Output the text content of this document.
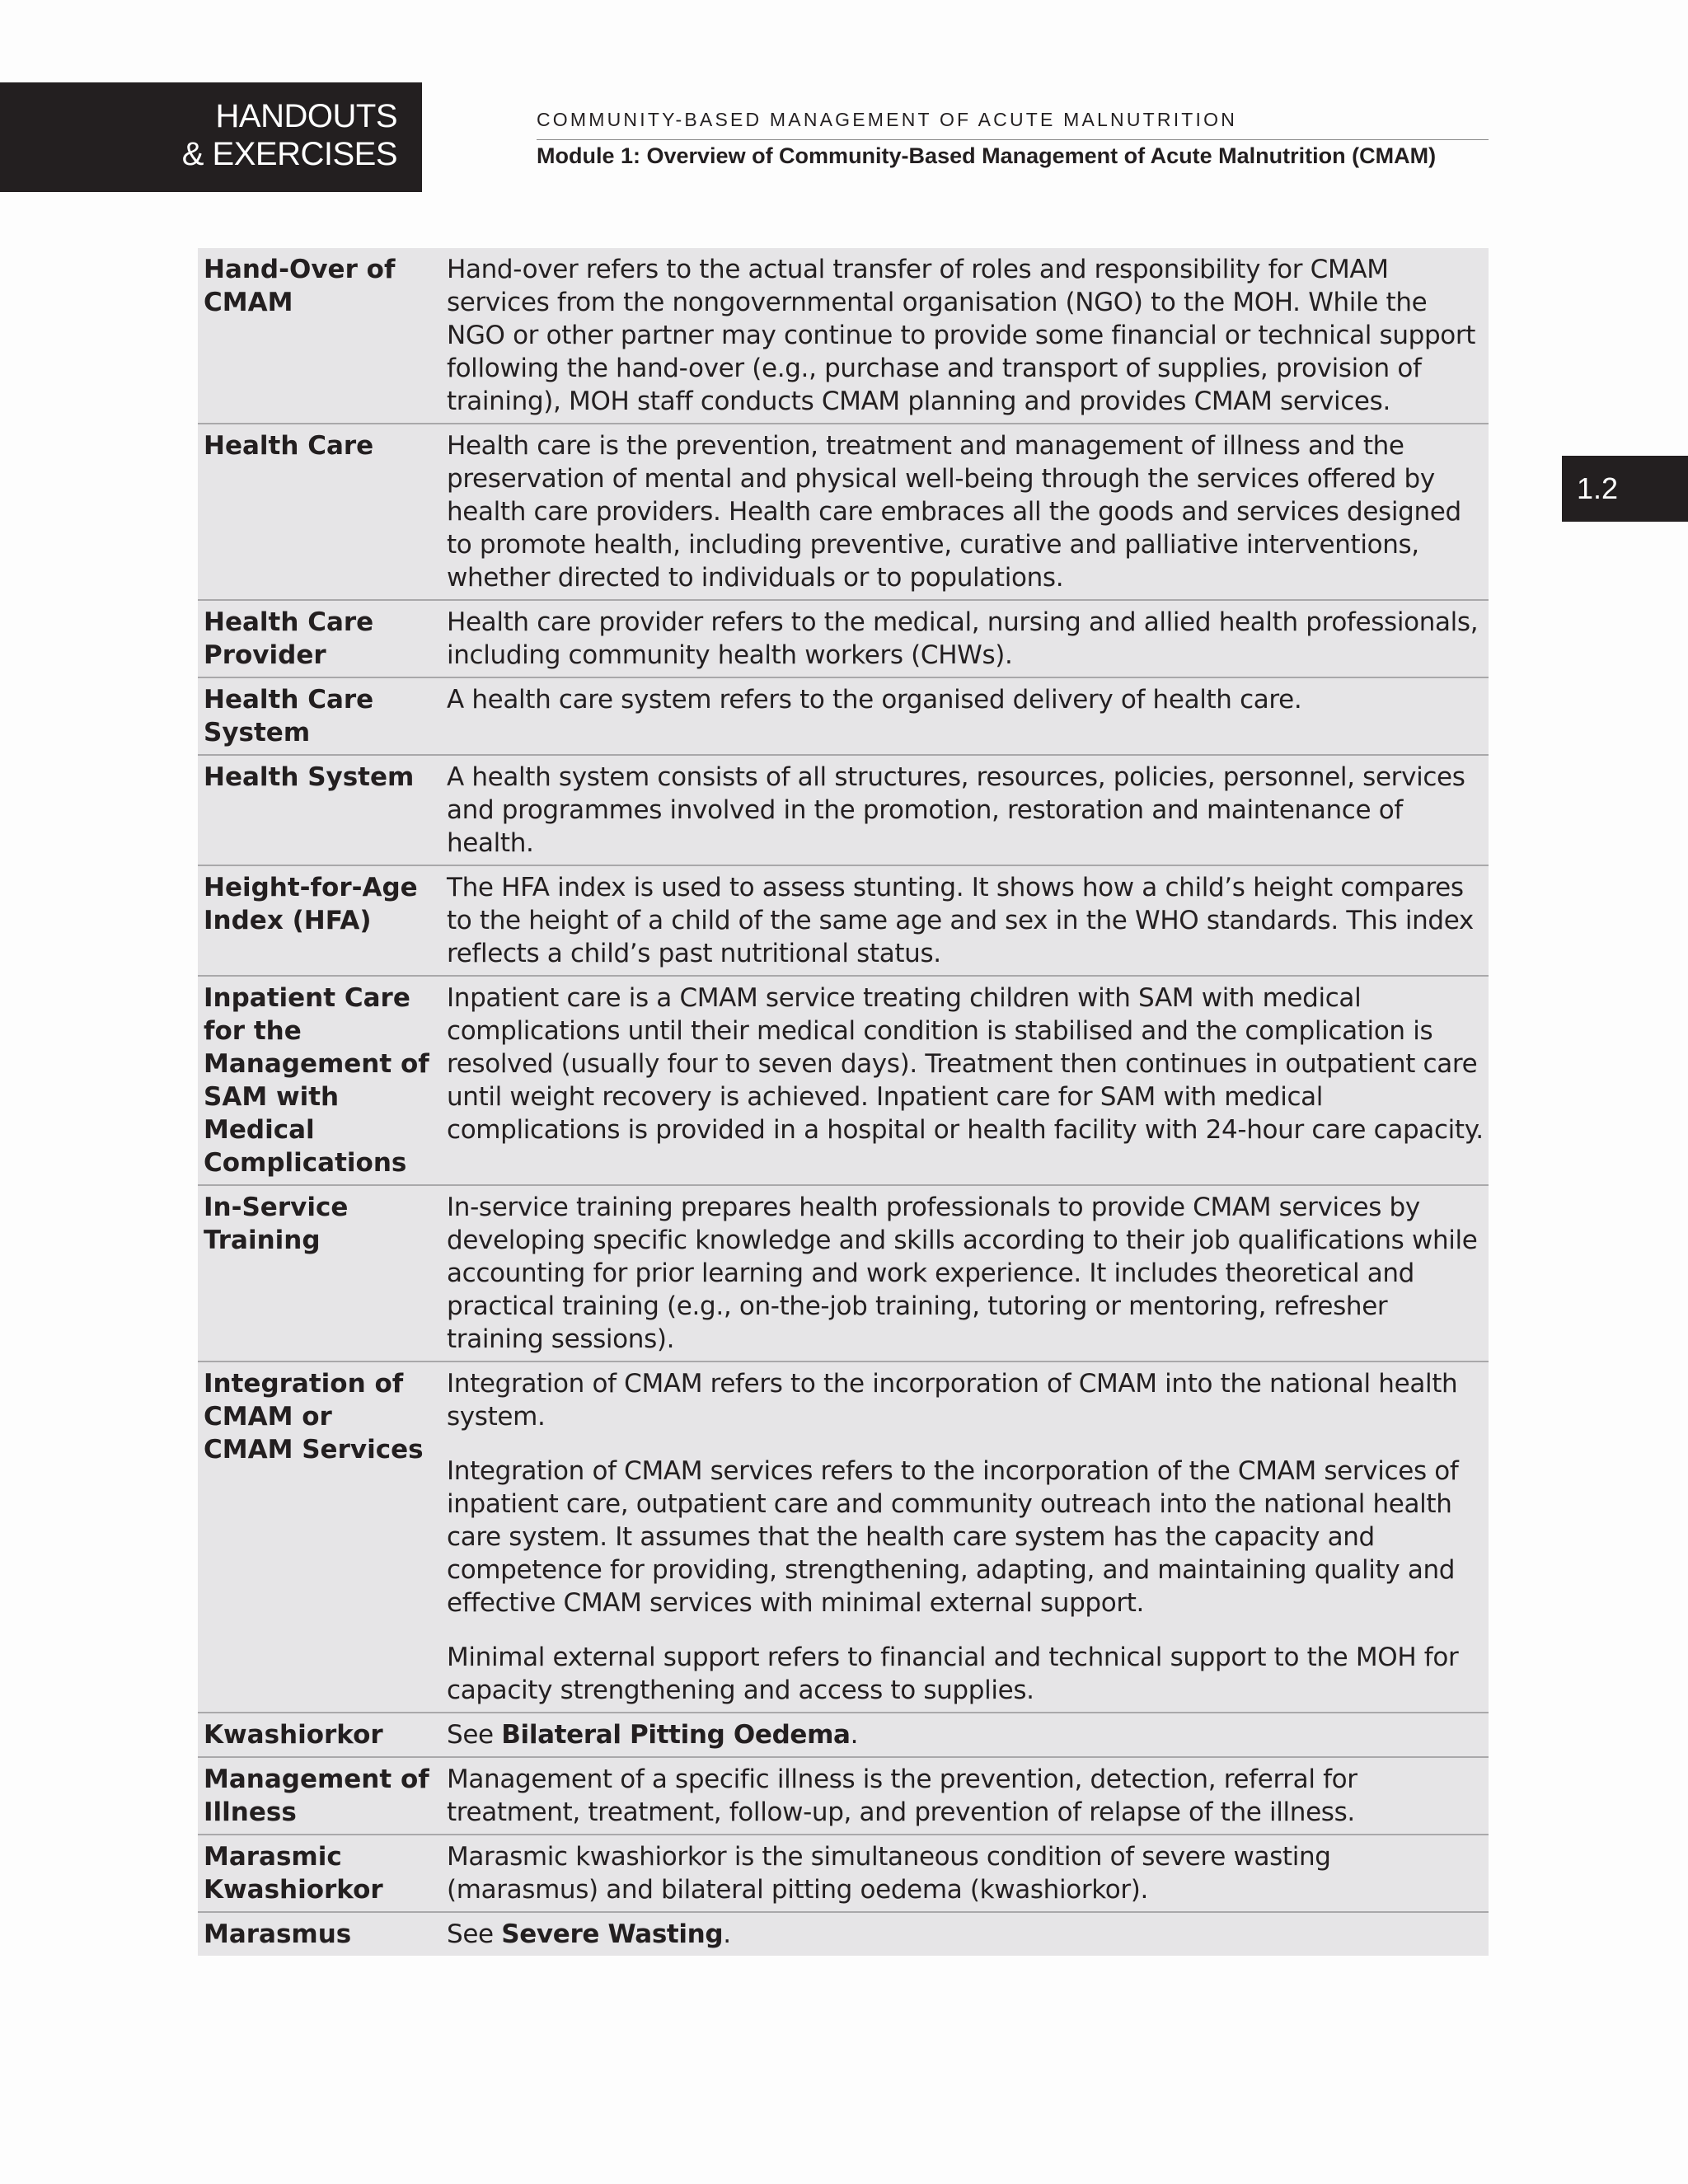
HANDOUTS
& EXERCISES
COMMUNITY-BASED MANAGEMENT OF ACUTE MALNUTRITION
Module 1: Overview of Community-Based Management of Acute Malnutrition (CMAM)
1.2
Hand-Over of CMAM	Hand-over refers to the actual transfer of roles and responsibility for CMAM services from the nongovernmental organisation (NGO) to the MOH. While the NGO or other partner may continue to provide some financial or technical support following the hand-over (e.g., purchase and transport of supplies, provision of training), MOH staff conducts CMAM planning and provides CMAM services.

Health Care	Health care is the prevention, treatment and management of illness and the preservation of mental and physical well-being through the services offered by health care providers. Health care embraces all the goods and services designed to promote health, including preventive, curative and palliative interventions, whether directed to individuals or to populations.

Health Care Provider	Health care provider refers to the medical, nursing and allied health professionals, including community health workers (CHWs).

Health Care System	A health care system refers to the organised delivery of health care.

Health System	A health system consists of all structures, resources, policies, personnel, services and programmes involved in the promotion, restoration and maintenance of health.

Height-for-Age Index (HFA)	The HFA index is used to assess stunting. It shows how a child’s height compares to the height of a child of the same age and sex in the WHO standards. This index reflects a child’s past nutritional status.

Inpatient Care for the Management of SAM with Medical Complications	Inpatient care is a CMAM service treating children with SAM with medical complications until their medical condition is stabilised and the complication is resolved (usually four to seven days). Treatment then continues in outpatient care until weight recovery is achieved. Inpatient care for SAM with medical complications is provided in a hospital or health facility with 24-hour care capacity.

In-Service Training	In-service training prepares health professionals to provide CMAM services by developing specific knowledge and skills according to their job qualifications while accounting for prior learning and work experience. It includes theoretical and practical training (e.g., on-the-job training, tutoring or mentoring, refresher training sessions).

Integration of CMAM or CMAM Services	Integration of CMAM refers to the incorporation of CMAM into the national health system.

Integration of CMAM services refers to the incorporation of the CMAM services of inpatient care, outpatient care and community outreach into the national health care system. It assumes that the health care system has the capacity and competence for providing, strengthening, adapting, and maintaining quality and effective CMAM services with minimal external support.

Minimal external support refers to financial and technical support to the MOH for capacity strengthening and access to supplies.

Kwashiorkor	See Bilateral Pitting Oedema.

Management of Illness	Management of a specific illness is the prevention, detection, referral for treatment, treatment, follow-up, and prevention of relapse of the illness.

Marasmic Kwashiorkor	Marasmic kwashiorkor is the simultaneous condition of severe wasting (marasmus) and bilateral pitting oedema (kwashiorkor).

Marasmus	See Severe Wasting.
